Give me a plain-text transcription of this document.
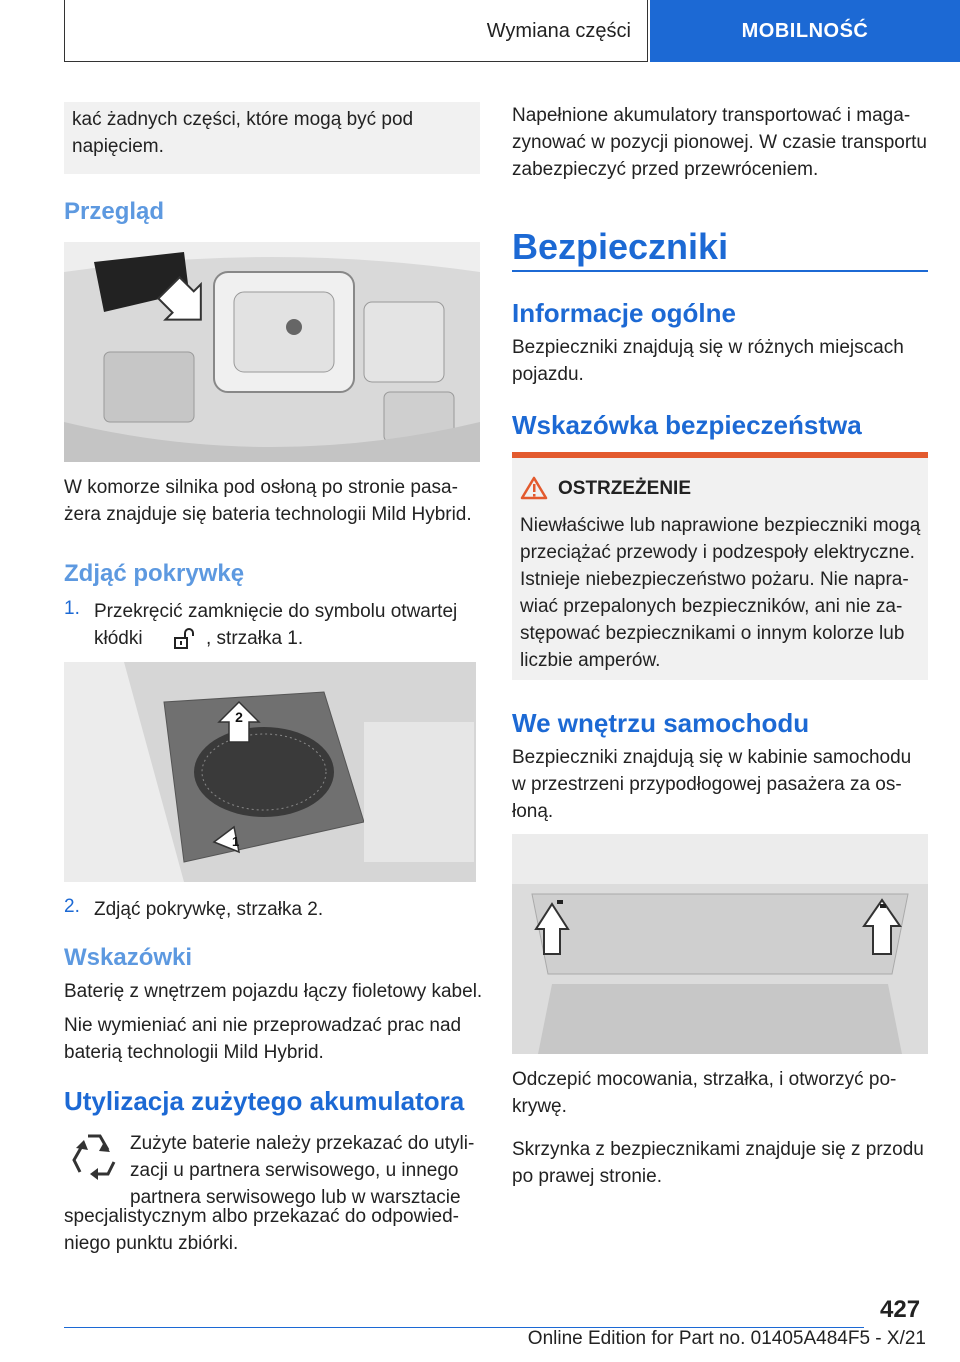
Wymiana części	MOBILNOŚĆ

kać żadnych części, które mogą być pod napięciem.

Przegląd

W komorze silnika pod osłoną po stronie pasa-żera znajduje się bateria technologii Mild Hybrid.

Zdjąć pokrywkę
1. Przekręcić zamknięcie do symbolu otwartej
kłódki	, strzałka 1.
2
1
2. Zdjąć pokrywkę, strzałka 2.
Wskazówki

Baterię z wnętrzem pojazdu łączy fioletowy kabel.

Nie wymieniać ani nie przeprowadzać prac nad baterią technologii Mild Hybrid.

Utylizacja zużytego akumulatora

Zużyte baterie należy przekazać do utyli-zacji u partnera serwisowego, u innego partnera serwisowego lub w warsztacie

specjalistycznym albo przekazać do odpowied-niego punktu zbiórki.

Napełnione akumulatory transportować i maga-zynować w pozycji pionowej. W czasie transportu zabezpieczyć przed przewróceniem.

Bezpieczniki
Informacje ogólne

Bezpieczniki znajdują się w różnych miejscach pojazdu.

Wskazówka bezpieczeństwa
OSTRZEŻENIE

Niewłaściwe lub naprawione bezpieczniki mogą przeciążać przewody i podzespoły elektryczne. Istnieje niebezpieczeństwo pożaru. Nie napra-wiać przepalonych bezpieczników, ani nie za-stępować bezpiecznikami o innym kolorze lub liczbie amperów.

We wnętrzu samochodu

Bezpieczniki znajdują się w kabinie samochodu w przestrzeni przypodłogowej pasażera za os-łoną.

Odczepić mocowania, strzałka, i otworzyć po-krywę.

Skrzynka z bezpiecznikami znajduje się z przodu po prawej stronie.

427
Online Edition for Part no. 01405A484F5 - X/21
